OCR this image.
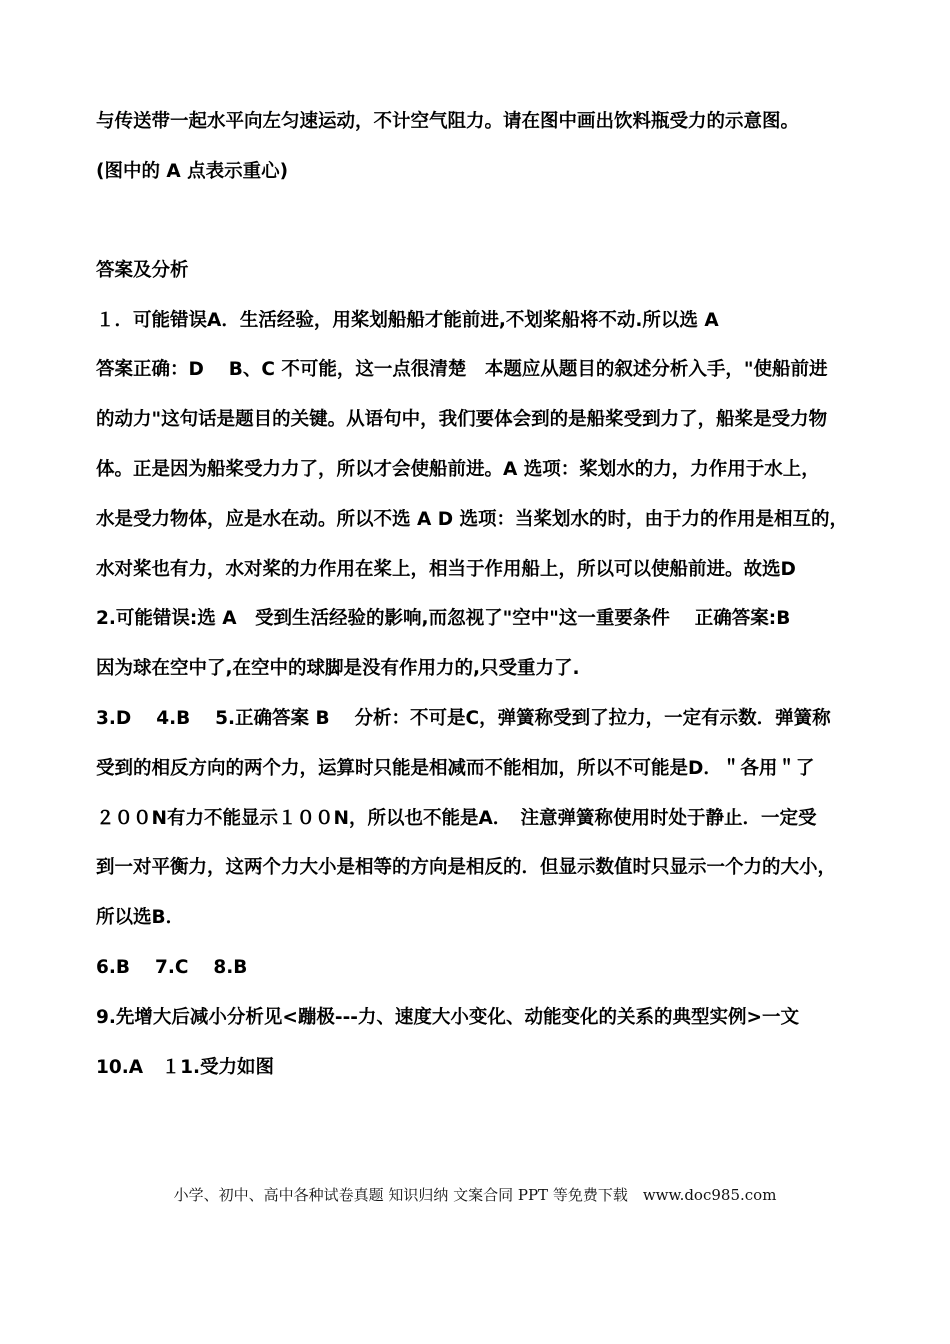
与传送带一起水平向左匀速运动，不计空气阻力。请在图中画出饮料瓶受力的示意图。
(图中的 A 点表示重心)
答案及分析
１．可能错误A．生活经验，用桨划船船才能前进,不划桨船将不动.所以选 A
答案正确：D　 B、C 不可能，这一点很清楚　本题应从题目的叙述分析入手，"使船前进
的动力"这句话是题目的关键。从语句中，我们要体会到的是船桨受到力了，船桨是受力物
体。正是因为船桨受力力了，所以才会使船前进。A 选项：桨划水的力，力作用于水上，
水是受力物体，应是水在动。所以不选 A D 选项：当桨划水的时，由于力的作用是相互的，
水对桨也有力，水对桨的力作用在桨上，相当于作用船上，所以可以使船前进。故选D
2.可能错误:选 A　受到生活经验的影响,而忽视了"空中"这一重要条件　 正确答案:B
因为球在空中了,在空中的球脚是没有作用力的,只受重力了.
3.D　 4.B　 5.正确答案 B　 分析：不可是C，弹簧称受到了拉力，一定有示数．弹簧称
受到的相反方向的两个力，运算时只能是相减而不能相加，所以不可能是D．＂各用＂了
２００N有力不能显示１００N，所以也不能是A．　注意弹簧称使用时处于静止．一定受
到一对平衡力，这两个力大小是相等的方向是相反的．但显示数值时只显示一个力的大小，
所以选B．
6.B　 7.C　 8.B
9.先增大后减小分析见<蹦极---力、速度大小变化、动能变化的关系的典型实例>一文
10.A　１1.受力如图
小学、初中、高中各种试卷真题 知识归纳 文案合同 PPT 等免费下载　www.doc985.com
